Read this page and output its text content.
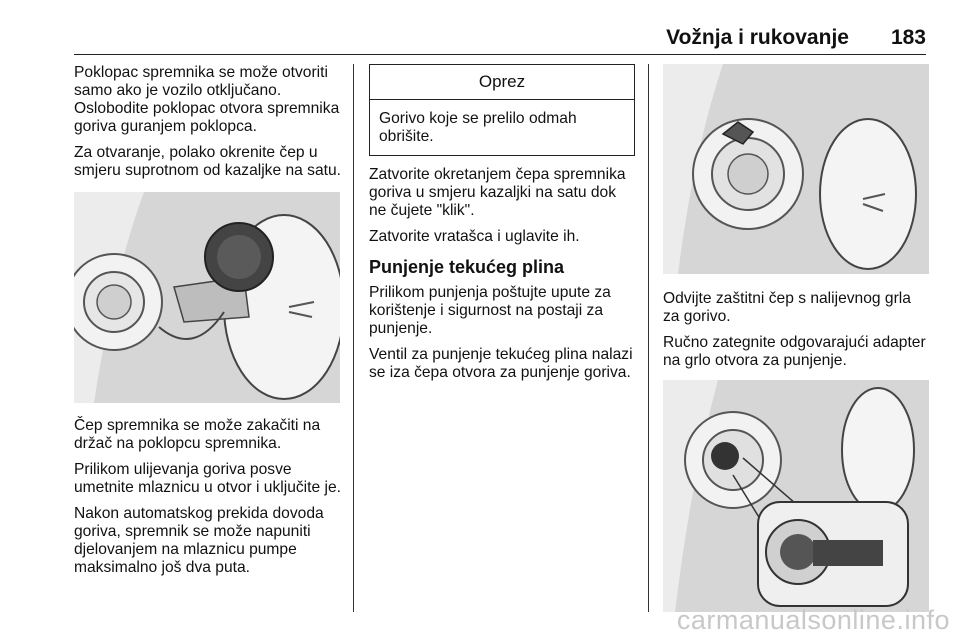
Vožnja i rukovanje 183

Poklopac spremnika se može otvoriti samo ako je vozilo otključano. Oslobodite poklopac otvora spremnika goriva guranjem poklopca.

Za otvaranje, polako okrenite čep u smjeru suprotnom od kazaljke na satu.

Čep spremnika se može zakačiti na držač na poklopcu spremnika.

Prilikom ulijevanja goriva posve umetnite mlaznicu u otvor i uključite je.

Nakon automatskog prekida dovoda goriva, spremnik se može napuniti djelovanjem na mlaznicu pumpe maksimalno još dva puta.

Oprez
Gorivo koje se prelilo odmah obrišite.

Zatvorite okretanjem čepa spremnika goriva u smjeru kazaljki na satu dok ne čujete "klik".

Zatvorite vratašca i uglavite ih.

Punjenje tekućeg plina

Prilikom punjenja poštujte upute za korištenje i sigurnost na postaji za punjenje.

Ventil za punjenje tekućeg plina nalazi se iza čepa otvora za punjenje goriva.

Odvijte zaštitni čep s nalijevnog grla za gorivo.

Ručno zategnite odgovarajući adapter na grlo otvora za punjenje.

carmanualsonline.info
